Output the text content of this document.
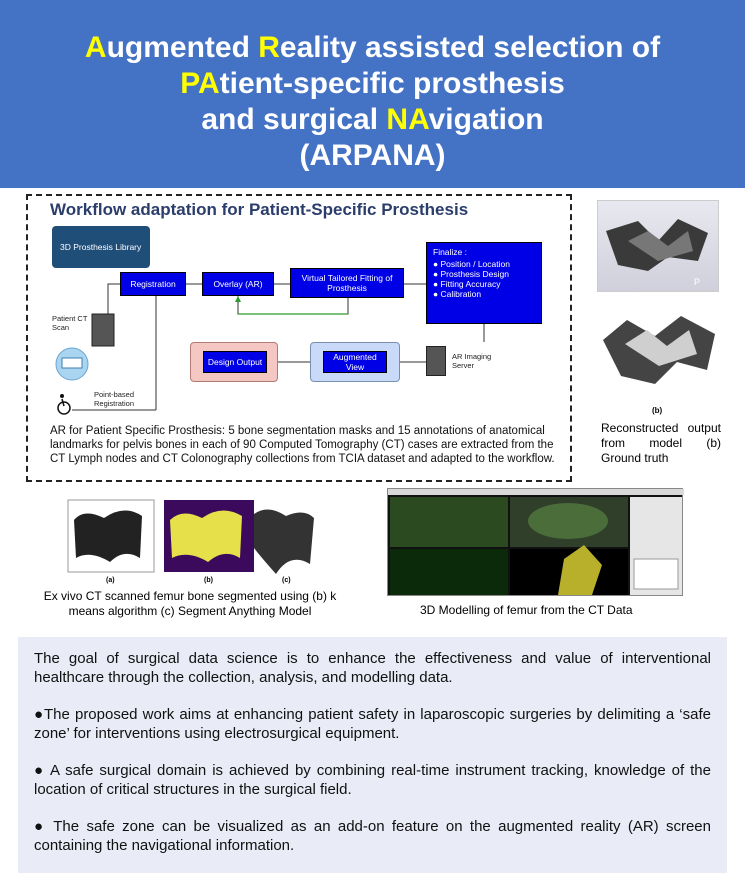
Augmented Reality assisted selection of
PAtient-specific prosthesis
and surgical NAvigation
(ARPANA)
Workflow adaptation for Patient-Specific Prosthesis
3D Prosthesis Library
Registration	Overlay (AR)
Virtual Tailored Fitting of Prosthesis
Finalize :
● Position / Location
● Prosthesis Design
● Fitting Accuracy
● Calibration
Patient CT Scan
Design Output	Augmented View
AR Imaging Server
Point-based Registration
AR for Patient Specific Prosthesis: 5 bone segmentation masks and 15 annotations of anatomical landmarks for pelvis bones in each of 90 Computed Tomography (CT) cases are extracted from the CT Lymph nodes and CT Colonography collections from TCIA dataset and adapted to the workflow.
P
(b)
Reconstructed output from model (b) Ground truth
(a)	(b)	(c)
Ex vivo CT scanned femur bone segmented using (b) k means algorithm (c) Segment Anything Model	3D Modelling of femur from the CT Data

The goal of surgical data science is to enhance the effectiveness and value of interventional healthcare through the collection, analysis, and modelling data.

●The proposed work aims at enhancing patient safety in laparoscopic surgeries by delimiting a ‘safe zone’ for interventions using electrosurgical equipment.

● A safe surgical domain is achieved by combining real-time instrument tracking, knowledge of the location of critical structures in the surgical field.

● The safe zone can be visualized as an add-on feature on the augmented reality (AR) screen containing the navigational information.
